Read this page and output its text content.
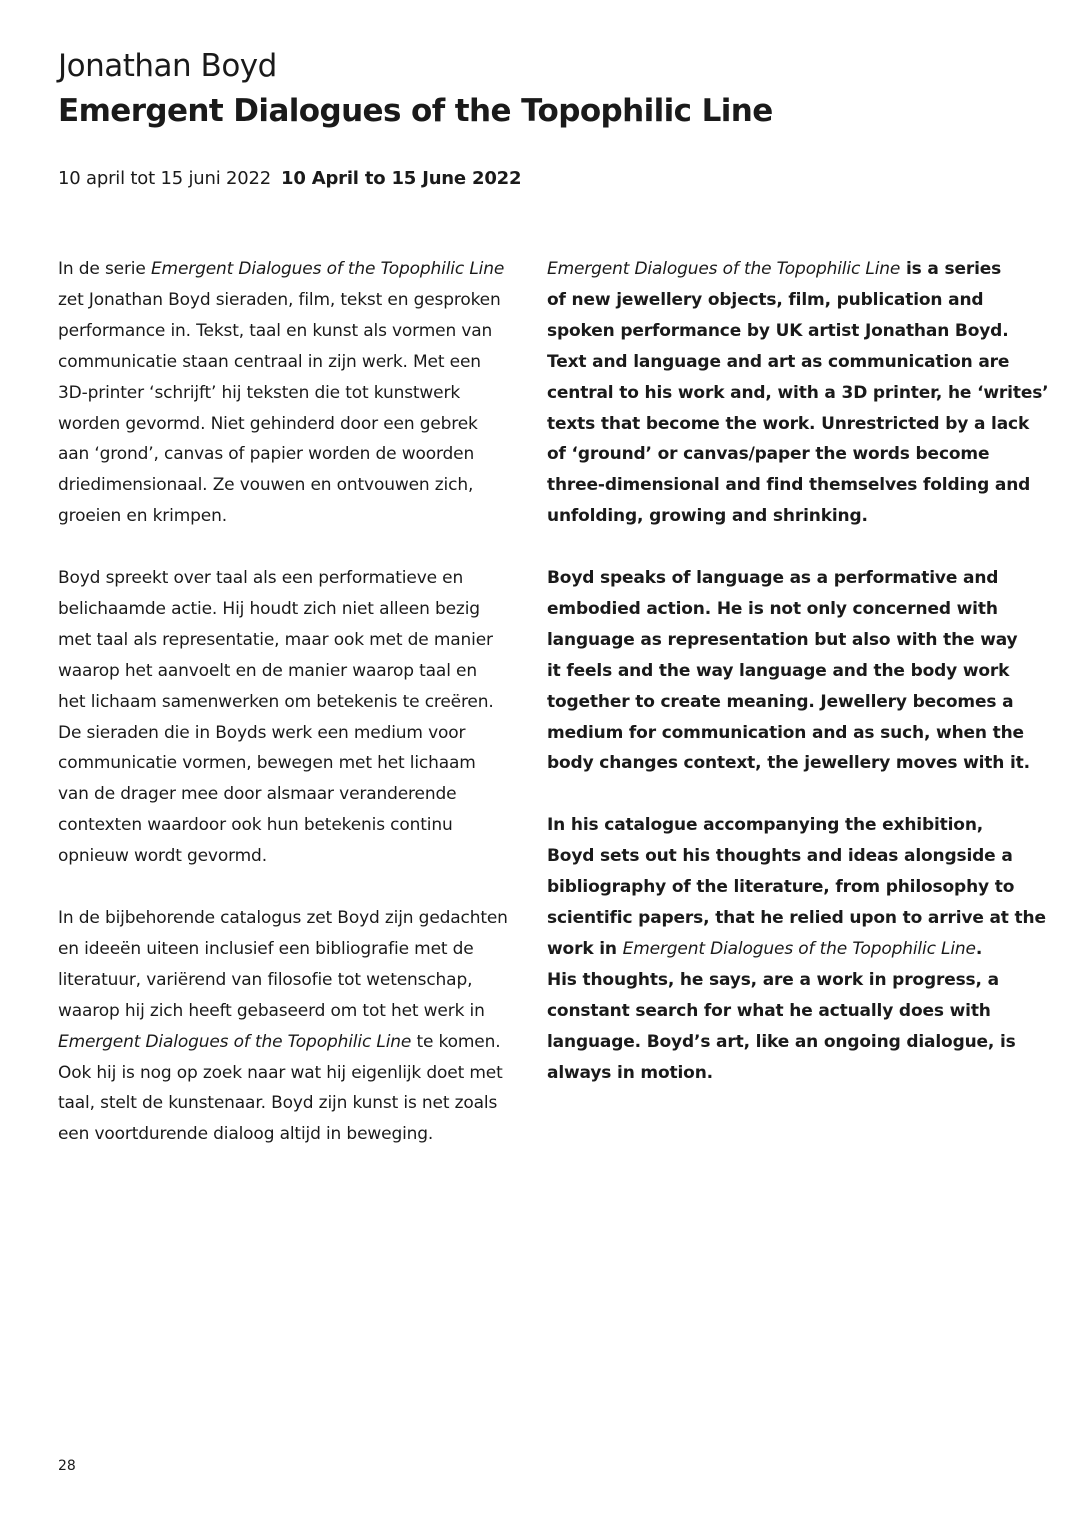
Jonathan Boyd
Emergent Dialogues of the Topophilic Line
10 april tot 15 juni 2022 10 April to 15 June 2022

In de serie Emergent Dialogues of the Topophilic Line
zet Jonathan Boyd sieraden, film, tekst en gesproken
performance in. Tekst, taal en kunst als vormen van
communicatie staan centraal in zijn werk. Met een
3D-printer ‘schrijft’ hij teksten die tot kunstwerk
worden gevormd. Niet gehinderd door een gebrek
aan ‘grond’, canvas of papier worden de woorden
driedimensionaal. Ze vouwen en ontvouwen zich,
groeien en krimpen.

Boyd spreekt over taal als een performatieve en
belichaamde actie. Hij houdt zich niet alleen bezig
met taal als representatie, maar ook met de manier
waarop het aanvoelt en de manier waarop taal en
het lichaam samenwerken om betekenis te creëren.
De sieraden die in Boyds werk een medium voor
communicatie vormen, bewegen met het lichaam
van de drager mee door alsmaar veranderende
contexten waardoor ook hun betekenis continu
opnieuw wordt gevormd.

In de bijbehorende catalogus zet Boyd zijn gedachten
en ideeën uiteen inclusief een bibliografie met de
literatuur, variërend van filosofie tot wetenschap,
waarop hij zich heeft gebaseerd om tot het werk in
Emergent Dialogues of the Topophilic Line te komen.
Ook hij is nog op zoek naar wat hij eigenlijk doet met
taal, stelt de kunstenaar. Boyd zijn kunst is net zoals
een voortdurende dialoog altijd in beweging.

Emergent Dialogues of the Topophilic Line is a series
of new jewellery objects, film, publication and
spoken performance by UK artist Jonathan Boyd.
Text and language and art as communication are
central to his work and, with a 3D printer, he ‘writes’
texts that become the work. Unrestricted by a lack
of ‘ground’ or canvas/paper the words become
three-dimensional and find themselves folding and
unfolding, growing and shrinking.

Boyd speaks of language as a performative and
embodied action. He is not only concerned with
language as representation but also with the way
it feels and the way language and the body work
together to create meaning. Jewellery becomes a
medium for communication and as such, when the
body changes context, the jewellery moves with it.

In his catalogue accompanying the exhibition,
Boyd sets out his thoughts and ideas alongside a
bibliography of the literature, from philosophy to
scientific papers, that he relied upon to arrive at the
work in Emergent Dialogues of the Topophilic Line.
His thoughts, he says, are a work in progress, a
constant search for what he actually does with
language. Boyd’s art, like an ongoing dialogue, is
always in motion.

28
